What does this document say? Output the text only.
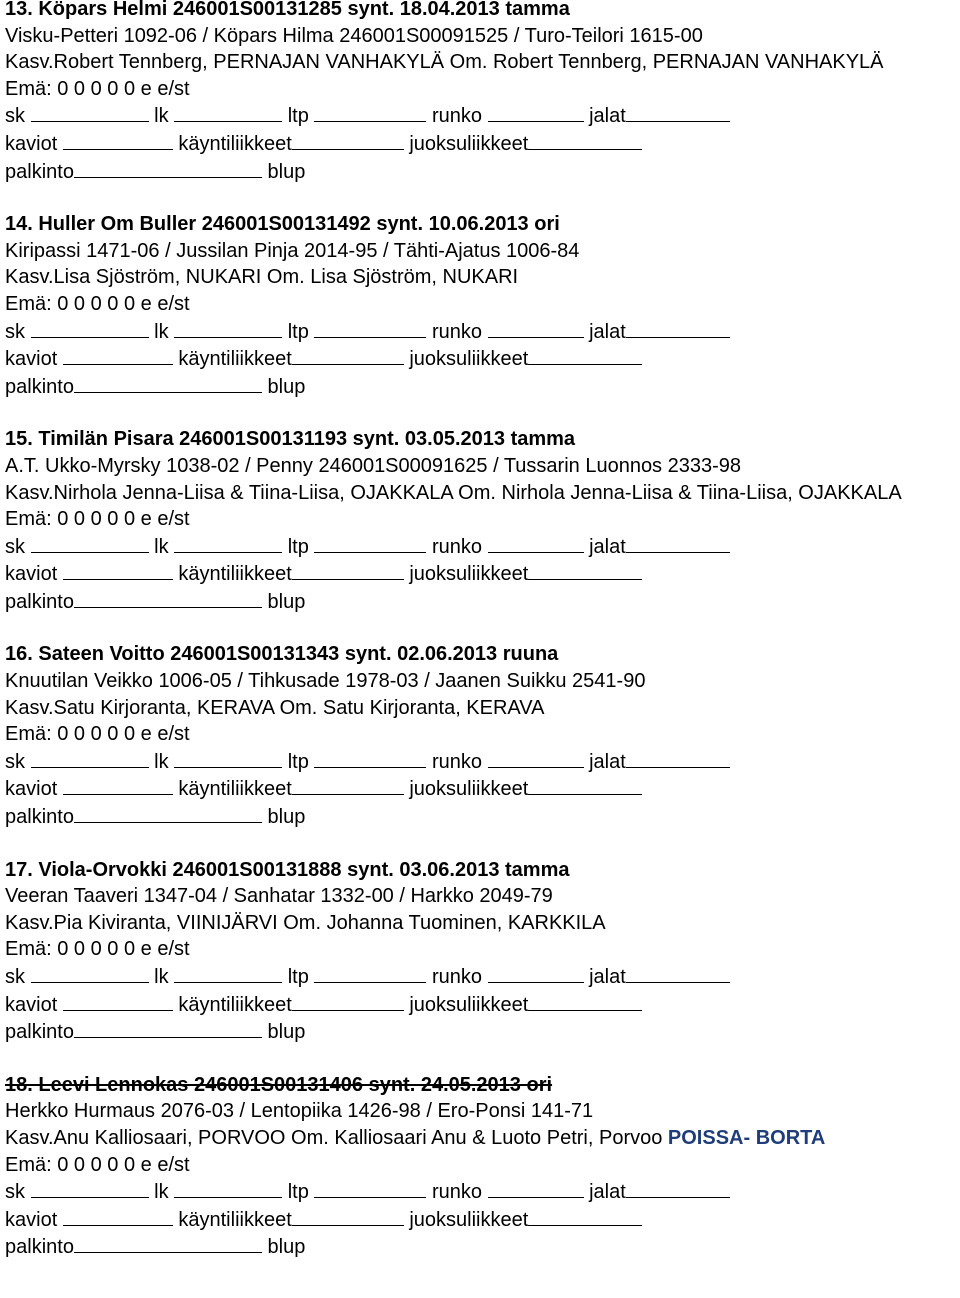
13. Köpars Helmi 246001S00131285 synt. 18.04.2013 tamma
Visku-Petteri 1092-06 / Köpars Hilma 246001S00091525 / Turo-Teilori 1615-00
Kasv.Robert Tennberg, PERNAJAN VANHAKYLÄ Om. Robert Tennberg, PERNAJAN VANHAKYLÄ
Emä: 0 0 0 0 0 e e/st
sk	lk	ltp	runko	jalat
kaviot	käyntiliikkeet	juoksuliikkeet
palkinto	blup
14. Huller Om Buller 246001S00131492 synt. 10.06.2013 ori
Kiripassi 1471-06 / Jussilan Pinja 2014-95 / Tähti-Ajatus 1006-84
Kasv.Lisa Sjöström, NUKARI Om. Lisa Sjöström, NUKARI
Emä: 0 0 0 0 0 e e/st
sk	lk	ltp	runko	jalat
kaviot	käyntiliikkeet	juoksuliikkeet
palkinto	blup
15. Timilän Pisara 246001S00131193 synt. 03.05.2013 tamma
A.T. Ukko-Myrsky 1038-02 / Penny 246001S00091625 / Tussarin Luonnos 2333-98
Kasv.Nirhola Jenna-Liisa & Tiina-Liisa, OJAKKALA Om. Nirhola Jenna-Liisa & Tiina-Liisa, OJAKKALA
Emä: 0 0 0 0 0 e e/st
sk	lk	ltp	runko	jalat
kaviot	käyntiliikkeet	juoksuliikkeet
palkinto	blup
16. Sateen Voitto 246001S00131343 synt. 02.06.2013 ruuna
Knuutilan Veikko 1006-05 / Tihkusade 1978-03 / Jaanen Suikku 2541-90
Kasv.Satu Kirjoranta, KERAVA Om. Satu Kirjoranta, KERAVA
Emä: 0 0 0 0 0 e e/st
sk	lk	ltp	runko	jalat
kaviot	käyntiliikkeet	juoksuliikkeet
palkinto	blup
17. Viola-Orvokki 246001S00131888 synt. 03.06.2013 tamma
Veeran Taaveri 1347-04 / Sanhatar 1332-00 / Harkko 2049-79
Kasv.Pia Kiviranta, VIINIJÄRVI Om. Johanna Tuominen, KARKKILA
Emä: 0 0 0 0 0 e e/st
sk	lk	ltp	runko	jalat
kaviot	käyntiliikkeet	juoksuliikkeet
palkinto	blup
18. Leevi Lennokas 246001S00131406 synt. 24.05.2013 ori
Herkko Hurmaus 2076-03 / Lentopiika 1426-98 / Ero-Ponsi 141-71
Kasv.Anu Kalliosaari, PORVOO Om. Kalliosaari Anu & Luoto Petri, Porvoo POISSA- BORTA
Emä: 0 0 0 0 0 e e/st
sk	lk	ltp	runko	jalat
kaviot	käyntiliikkeet	juoksuliikkeet
palkinto	blup
